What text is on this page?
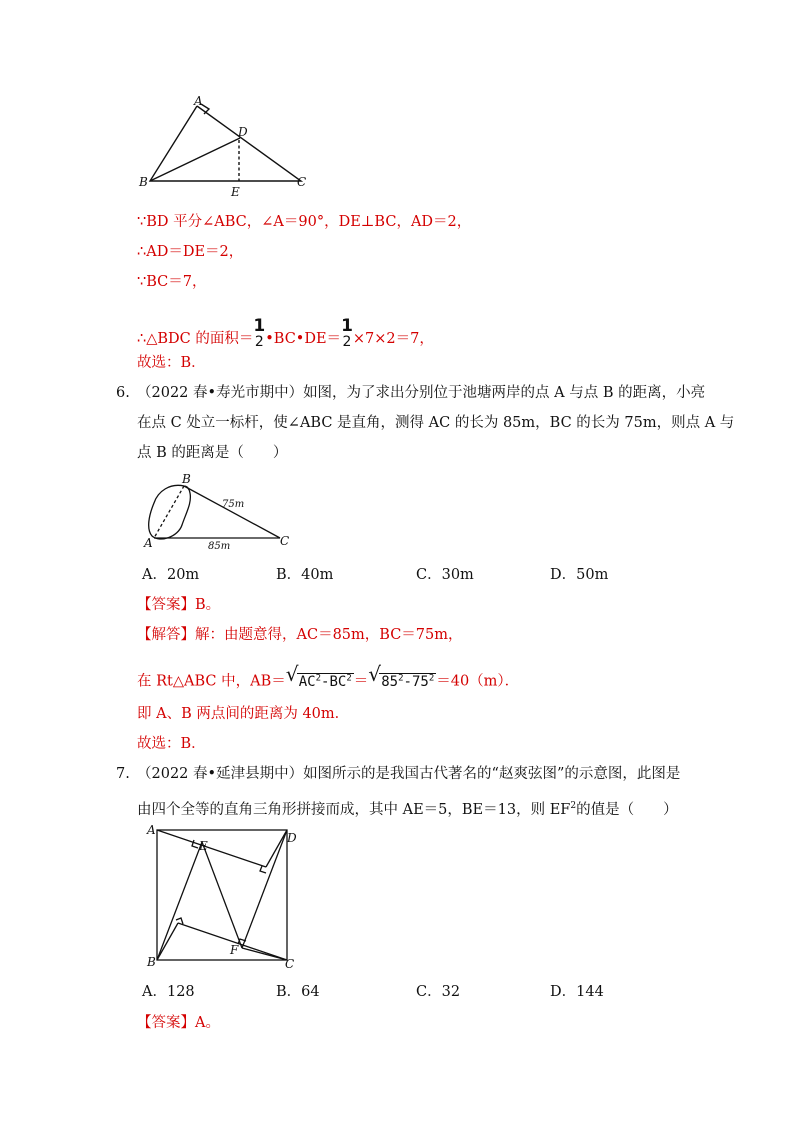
A
D
B	C
E
∵BD 平分∠ABC，∠A＝90°，DE⊥BC，AD＝2，
∴AD＝DE＝2，
∵BC＝7，
∴△BDC 的面积＝
1
2 •BC•DE＝
1
2 ×7×2＝7，
故选：B．
6. （2022 春•寿光市期中）如图，为了求出分别位于池塘两岸的点 A 与点 B 的距离，小亮
在点 C 处立一标杆，使∠ABC 是直角，测得 AC 的长为 85m，BC 的长为 75m，则点 A 与
点 B 的距离是（　　）
B
A	C
75m
85m
A．20m	B．40m	C．30m	D．50m
【答案】B。
【解答】解：由题意得，AC＝85m，BC＝75m，
在 Rt△ABC 中，AB＝ √ $AC^2-BC^2$ ＝ √ $85^2-75^2 =40(m)$．
即 A、B 两点间的距离为 40m．
故选：B．
7. （2022 春•延津县期中）如图所示的是我国古代著名的“赵爽弦图”的示意图，此图是
由四个全等的直角三角形拼接而成，其中 AE＝5，BE＝13，则 $EF^2$的值是（　　）
A
D
E
F
B	C
A．128	B．64	C．32	D．144
【答案】A。
